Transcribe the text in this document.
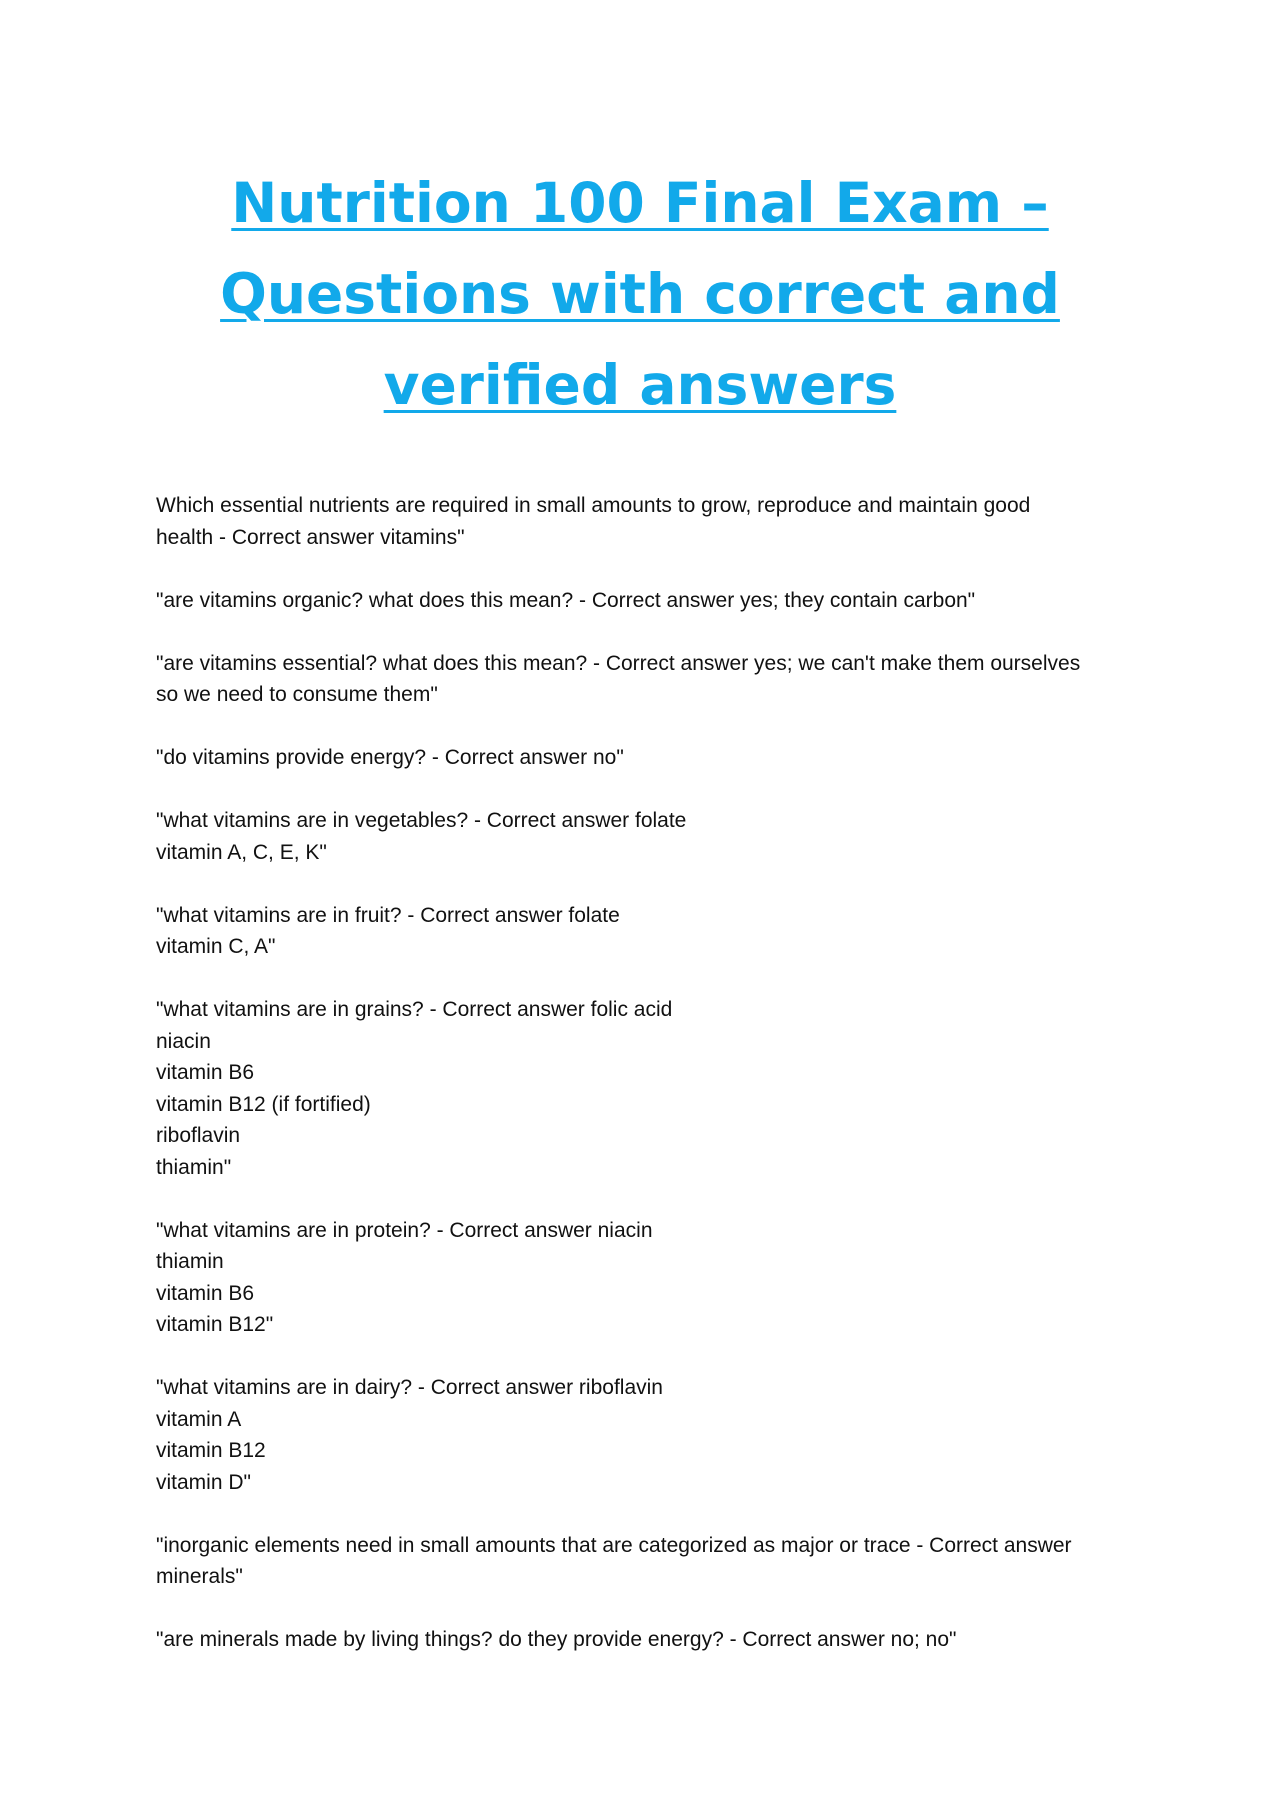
Nutrition 100 Final Exam –
Questions with correct and
verified answers

Which essential nutrients are required in small amounts to grow, reproduce and maintain good
health - Correct answer vitamins"

"are vitamins organic? what does this mean? - Correct answer yes; they contain carbon"

"are vitamins essential? what does this mean? - Correct answer yes; we can't make them ourselves
so we need to consume them"

"do vitamins provide energy? - Correct answer no"

"what vitamins are in vegetables? - Correct answer folate
vitamin A, C, E, K"

"what vitamins are in fruit? - Correct answer folate
vitamin C, A"

"what vitamins are in grains? - Correct answer folic acid
niacin
vitamin B6
vitamin B12 (if fortified)
riboflavin
thiamin"

"what vitamins are in protein? - Correct answer niacin
thiamin
vitamin B6
vitamin B12"

"what vitamins are in dairy? - Correct answer riboflavin
vitamin A
vitamin B12
vitamin D"

"inorganic elements need in small amounts that are categorized as major or trace - Correct answer
minerals"

"are minerals made by living things? do they provide energy? - Correct answer no; no"
